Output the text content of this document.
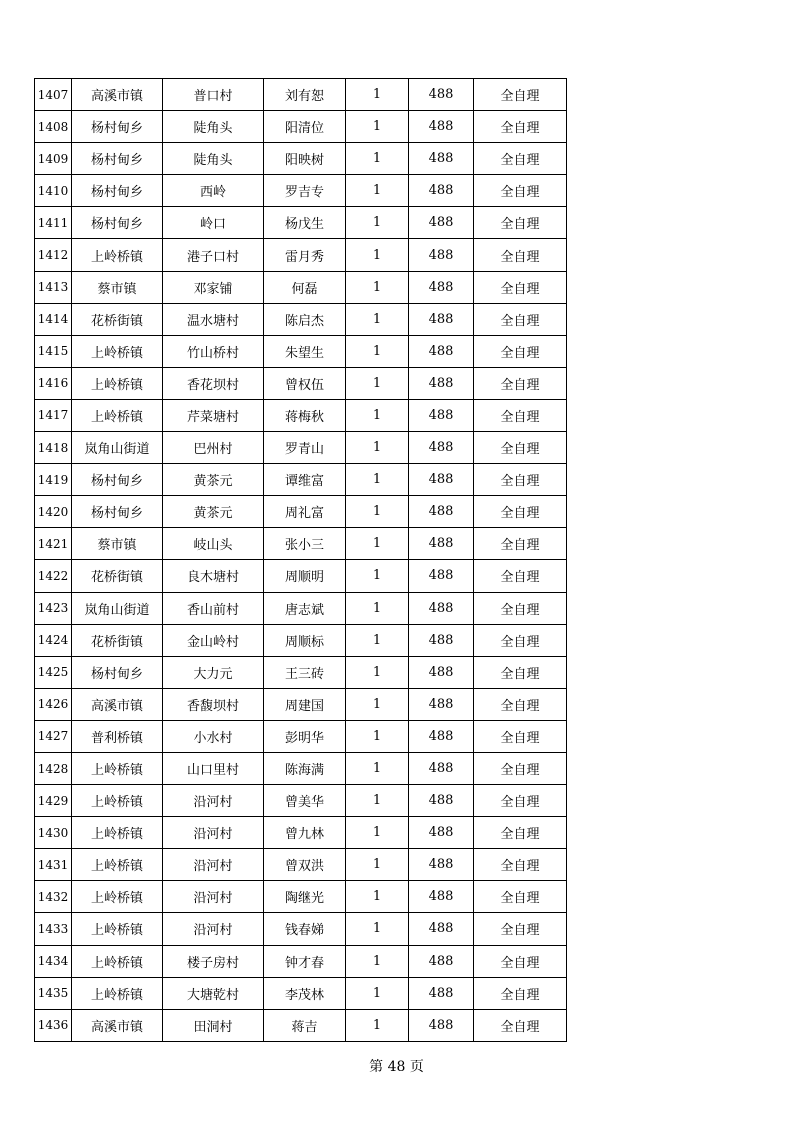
1407	高溪市镇	普口村	刘有恕	1	488	全自理
1408	杨村甸乡	陡角头	阳清位	1	488	全自理
1409	杨村甸乡	陡角头	阳映树	1	488	全自理
1410	杨村甸乡	西岭	罗吉专	1	488	全自理
1411	杨村甸乡	岭口	杨戊生	1	488	全自理
1412	上岭桥镇	港子口村	雷月秀	1	488	全自理
1413	蔡市镇	邓家铺	何磊	1	488	全自理
1414	花桥街镇	温水塘村	陈启杰	1	488	全自理
1415	上岭桥镇	竹山桥村	朱望生	1	488	全自理
1416	上岭桥镇	香花坝村	曾权伍	1	488	全自理
1417	上岭桥镇	芹菜塘村	蒋梅秋	1	488	全自理
1418	岚角山街道	巴州村	罗青山	1	488	全自理
1419	杨村甸乡	黄茶元	谭维富	1	488	全自理
1420	杨村甸乡	黄茶元	周礼富	1	488	全自理
1421	蔡市镇	岐山头	张小三	1	488	全自理
1422	花桥街镇	良木塘村	周顺明	1	488	全自理
1423	岚角山街道	香山前村	唐志斌	1	488	全自理
1424	花桥街镇	金山岭村	周顺标	1	488	全自理
1425	杨村甸乡	大力元	王三砖	1	488	全自理
1426	高溪市镇	香馥坝村	周建国	1	488	全自理
1427	普利桥镇	小水村	彭明华	1	488	全自理
1428	上岭桥镇	山口里村	陈海满	1	488	全自理
1429	上岭桥镇	沿河村	曾美华	1	488	全自理
1430	上岭桥镇	沿河村	曾九林	1	488	全自理
1431	上岭桥镇	沿河村	曾双洪	1	488	全自理
1432	上岭桥镇	沿河村	陶继光	1	488	全自理
1433	上岭桥镇	沿河村	钱春娣	1	488	全自理
1434	上岭桥镇	楼子房村	钟才春	1	488	全自理
1435	上岭桥镇	大塘乾村	李茂林	1	488	全自理
1436	高溪市镇	田洞村	蒋吉	1	488	全自理
第 48 页
